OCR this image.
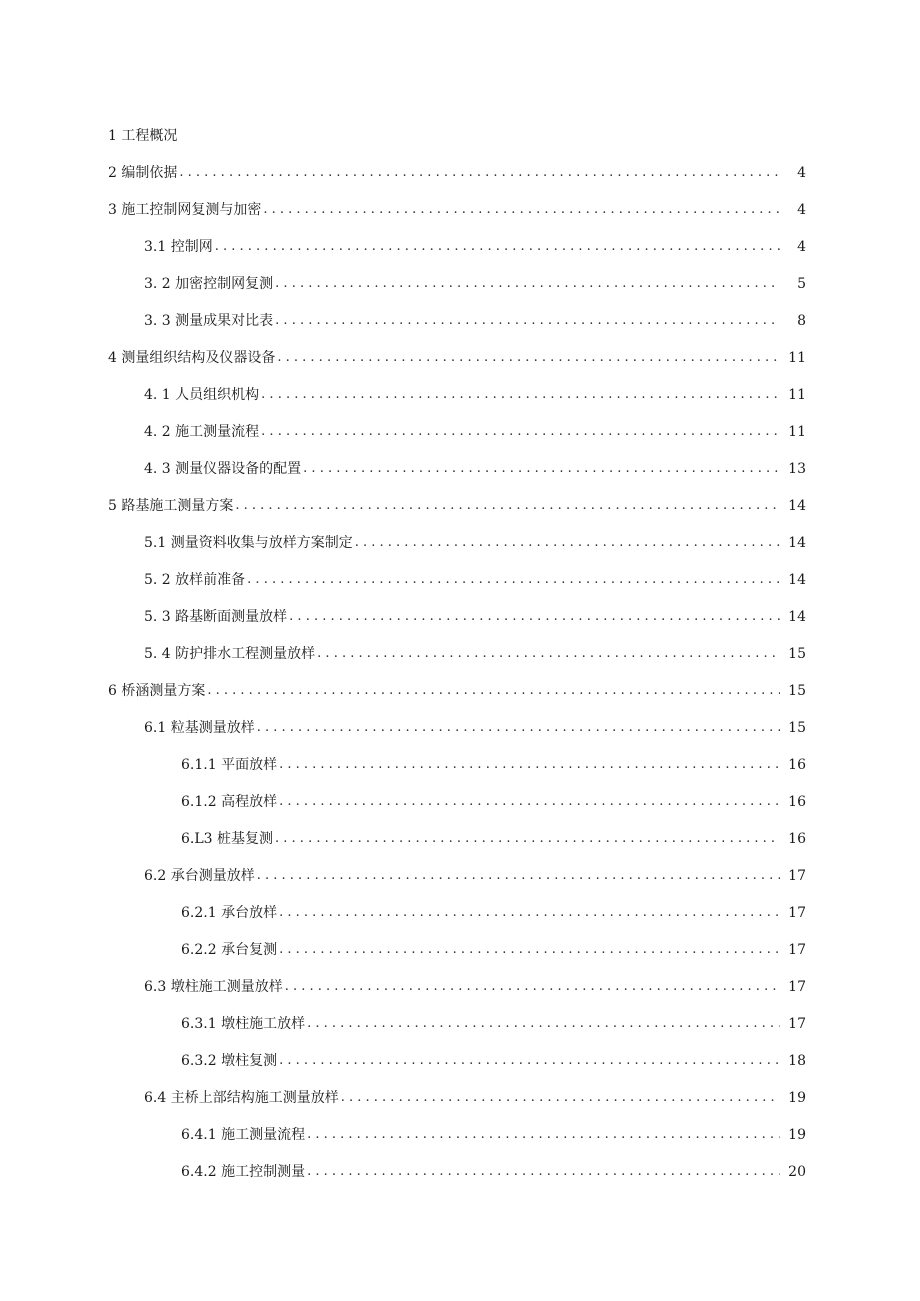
1 工程概况
2 编制依据 . . .	4
3 施工控制网复测与加密 . . .	4
3.1 控制网 . . .	4
3. 2 加密控制网复测 . . .	5
3. 3 测量成果对比表 . . .	8
4 测量组织结构及仪器设备 . . .	11
4. 1 人员组织机构 . . .	11
4. 2 施工测量流程 . . .	11
4. 3 测量仪器设备的配置 . . .	13
5 路基施工测量方案 . . .	14
5.1 测量资料收集与放样方案制定 . . .	14
5. 2 放样前准备 . . .	14
5. 3 路基断面测量放样 . . .	14
5. 4 防护排水工程测量放样 . . .	15
6 桥涵测量方案 . . .	15
6.1 粒基测量放样 . . .	15
6.1.1 平面放样 . . .	16
6.1.2 高程放样 . . .	16
6.L3 桩基复测 . . .	16
6.2 承台测量放样 . . .	17
6.2.1 承台放样 . . .	17
6.2.2 承台复测 . . .	17
6.3 墩柱施工测量放样 . . .	17
6.3.1 墩柱施工放样 . . .	17
6.3.2 墩柱复测 . . .	18
6.4 主桥上部结构施工测量放样 . . .	19
6.4.1 施工测量流程 . . .	19
6.4.2 施工控制测量 . . .	20
